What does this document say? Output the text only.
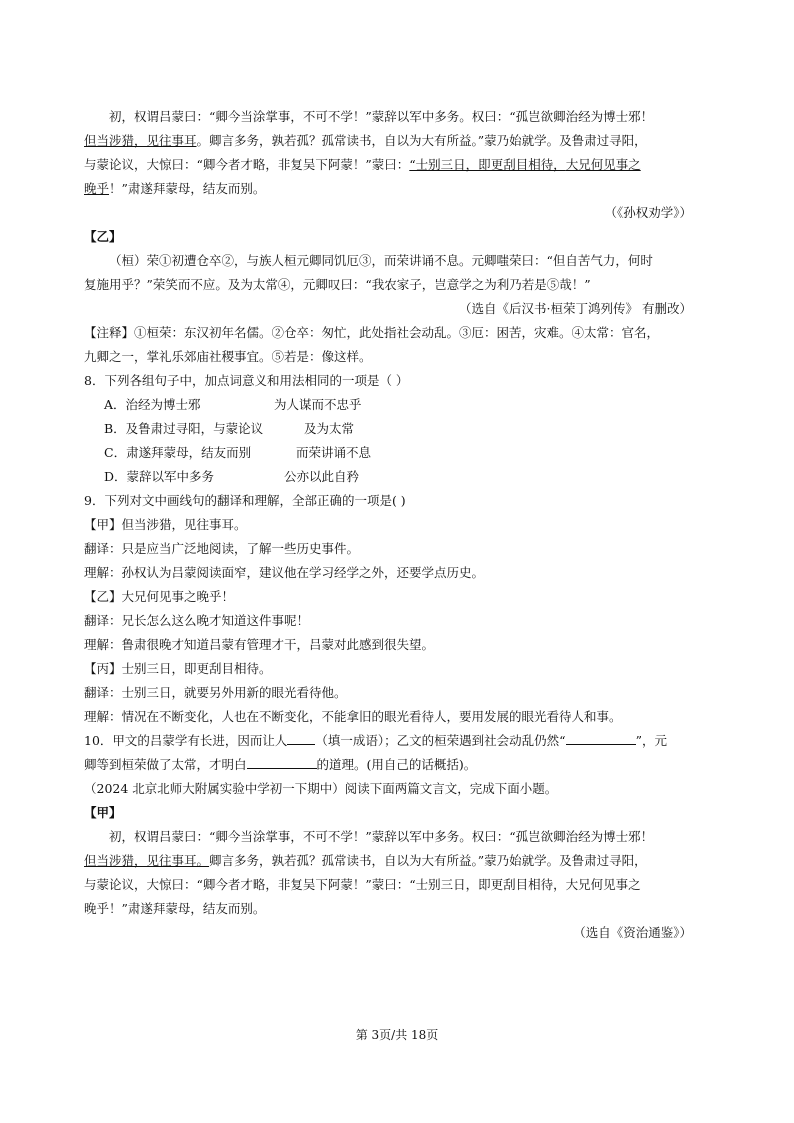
初，权谓吕蒙曰：“卿今当涂掌事，不可不学！”蒙辞以军中多务。权曰：“孤岂欲卿治经为博士邪！
但当涉猎，见往事耳。卿言多务，孰若孤？孤常读书，自以为大有所益。”蒙乃始就学。及鲁肃过寻阳，
与蒙论议，大惊曰：“卿今者才略，非复吴下阿蒙！”蒙曰：“士别三日，即更刮目相待，大兄何见事之
晚乎！”肃遂拜蒙母，结友而别。
（《孙权劝学》）
【乙】
（桓）荣①初遭仓卒②，与族人桓元卿同饥厄③，而荣讲诵不息。元卿嗤荣曰：“但自苦气力，何时
复施用乎？”荣笑而不应。及为太常④，元卿叹曰：“我农家子，岂意学之为利乃若是⑤哉！”
（选自《后汉书·桓荣丁鸿列传》 有删改）
【注释】①桓荣：东汉初年名儒。②仓卒：匆忙，此处指社会动乱。③厄：困苦，灾难。④太常：官名，
九卿之一，掌礼乐郊庙社稷事宜。⑤若是：像这样。
8．下列各组句子中，加点词意义和用法相同的一项是（ ）
A．治经为博士邪	为人谋而不忠乎
B．及鲁肃过寻阳，与蒙论议	及为太常
C．肃遂拜蒙母，结友而别	而荣讲诵不息
D．蒙辞以军中多务	公亦以此自矜
9．下列对文中画线句的翻译和理解，全部正确的一项是( )
【甲】但当涉猎，见往事耳。
翻译：只是应当广泛地阅读，了解一些历史事件。
理解：孙权认为吕蒙阅读面窄，建议他在学习经学之外，还要学点历史。
【乙】大兄何见事之晚乎！
翻译：兄长怎么这么晚才知道这件事呢！
理解：鲁肃很晚才知道吕蒙有管理才干，吕蒙对此感到很失望。
【丙】士别三日，即更刮目相待。
翻译：士别三日，就要另外用新的眼光看待他。
理解：情况在不断变化，人也在不断变化，不能拿旧的眼光看待人，要用发展的眼光看待人和事。
10．甲文的吕蒙学有长进，因而让人 （填一成语）；乙文的桓荣遇到社会动乱仍然“	”，元
卿等到桓荣做了太常，才明白	的道理。(用自己的话概括)。
（2024 北京北师大附属实验中学初一下期中）阅读下面两篇文言文，完成下面小题。
【甲】
初，权谓吕蒙曰：“卿今当涂掌事，不可不学！”蒙辞以军中多务。权曰：“孤岂欲卿治经为博士邪！
但当涉猎，见往事耳。卿言多务，孰若孤？孤常读书，自以为大有所益。”蒙乃始就学。及鲁肃过寻阳，
与蒙论议，大惊曰：“卿今者才略，非复吴下阿蒙！”蒙曰：“士别三日，即更刮目相待，大兄何见事之
晚乎！”肃遂拜蒙母，结友而别。
（选自《资治通鉴》）
第 3页/共 18页
